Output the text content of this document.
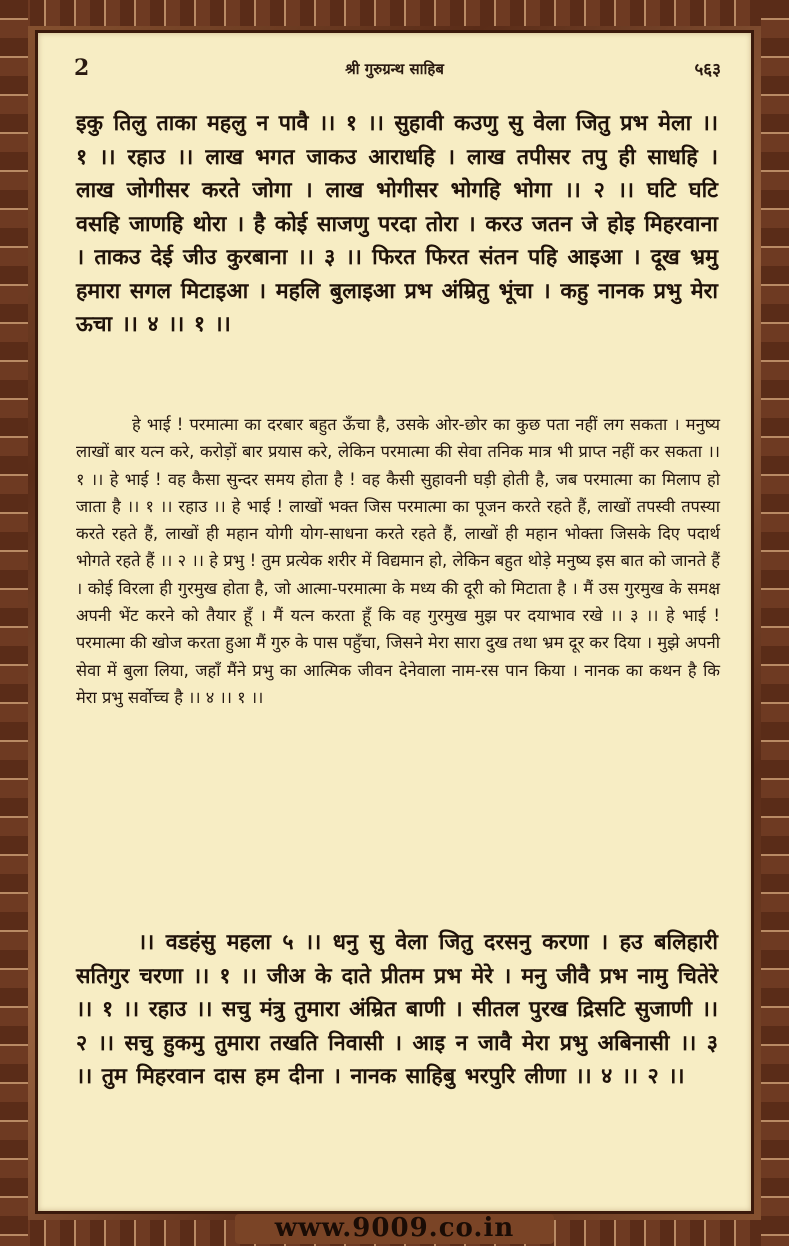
2	श्री गुरुग्रन्थ साहिब	५६३
इकु तिलु ताका महलु न पावै ।। १ ।। सुहावी कउणु सु वेला जितु प्रभ मेला ।। १ ।। रहाउ ।। लाख भगत जाकउ आराधहि । लाख तपीसर तपु ही साधहि । लाख जोगीसर करते जोगा । लाख भोगीसर भोगहि भोगा ।। २ ।। घटि घटि वसहि जाणहि थोरा । है कोई साजणु परदा तोरा । करउ जतन जे होइ मिहरवाना । ताकउ देई जीउ कुरबाना ।। ३ ।। फिरत फिरत संतन पहि आइआ । दूख भ्रमु हमारा सगल मिटाइआ । महलि बुलाइआ प्रभ अंम्रितु भूंचा । कहु नानक प्रभु मेरा ऊचा ।। ४ ।। १ ।।
हे भाई ! परमात्मा का दरबार बहुत ऊँचा है, उसके ओर-छोर का कुछ पता नहीं लग सकता । मनुष्य लाखों बार यत्न करे, करोड़ों बार प्रयास करे, लेकिन परमात्मा की सेवा तनिक मात्र भी प्राप्त नहीं कर सकता ।। १ ।। हे भाई ! वह कैसा सुन्दर समय होता है ! वह कैसी सुहावनी घड़ी होती है, जब परमात्मा का मिलाप हो जाता है ।। १ ।। रहाउ ।। हे भाई ! लाखों भक्त जिस परमात्मा का पूजन करते रहते हैं, लाखों तपस्वी तपस्या करते रहते हैं, लाखों ही महान योगी योग-साधना करते रहते हैं, लाखों ही महान भोक्ता जिसके दिए पदार्थ भोगते रहते हैं ।। २ ।। हे प्रभु ! तुम प्रत्येक शरीर में विद्यमान हो, लेकिन बहुत थोड़े मनुष्य इस बात को जानते हैं । कोई विरला ही गुरमुख होता है, जो आत्मा-परमात्मा के मध्य की दूरी को मिटाता है । मैं उस गुरमुख के समक्ष अपनी भेंट करने को तैयार हूँ । मैं यत्न करता हूँ कि वह गुरमुख मुझ पर दयाभाव रखे ।। ३ ।। हे भाई ! परमात्मा की खोज करता हुआ मैं गुरु के पास पहुँचा, जिसने मेरा सारा दुख तथा भ्रम दूर कर दिया । मुझे अपनी सेवा में बुला लिया, जहाँ मैंने प्रभु का आत्मिक जीवन देनेवाला नाम-रस पान किया । नानक का कथन है कि मेरा प्रभु सर्वोच्च है ।। ४ ।। १ ।।
।। वडहंसु महला ५ ।। धनु सु वेला जितु दरसनु करणा । हउ बलिहारी सतिगुर चरणा ।। १ ।। जीअ के दाते प्रीतम प्रभ मेरे । मनु जीवै प्रभ नामु चितेरे ।। १ ।। रहाउ ।। सचु मंत्रु तुमारा अंम्रित बाणी । सीतल पुरख द्रिसटि सुजाणी ।। २ ।। सचु हुकमु तुमारा तखति निवासी । आइ न जावै मेरा प्रभु अबिनासी ।। ३ ।। तुम मिहरवान दास हम दीना । नानक साहिबु भरपुरि लीणा ।। ४ ।। २ ।।
www.9009.co.in
